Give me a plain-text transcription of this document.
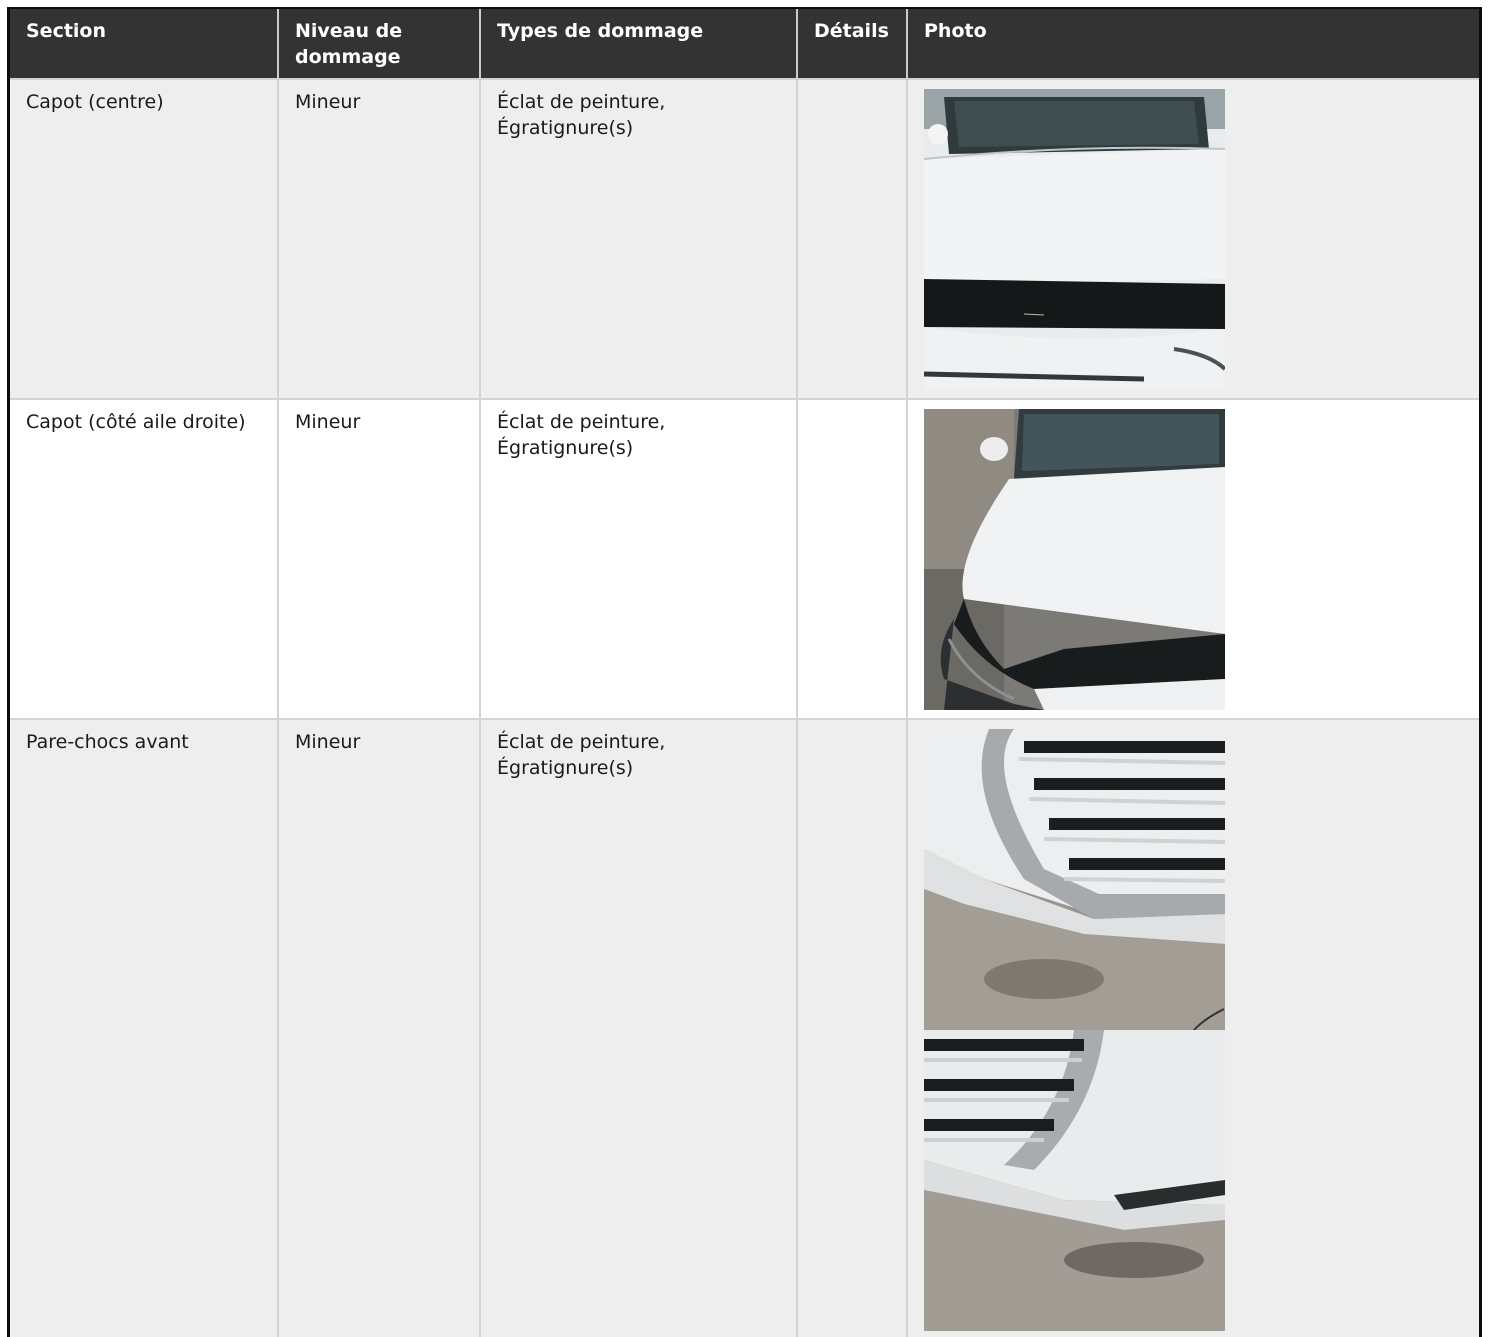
Section	Niveau de dommage	Types de dommage	Détails	Photo
Capot (centre)	Mineur	Éclat de peinture, Égratignure(s)		

Capot (côté aile droite)	Mineur	Éclat de peinture, Égratignure(s)		

Pare-chocs avant	Mineur	Éclat de peinture, Égratignure(s)		
